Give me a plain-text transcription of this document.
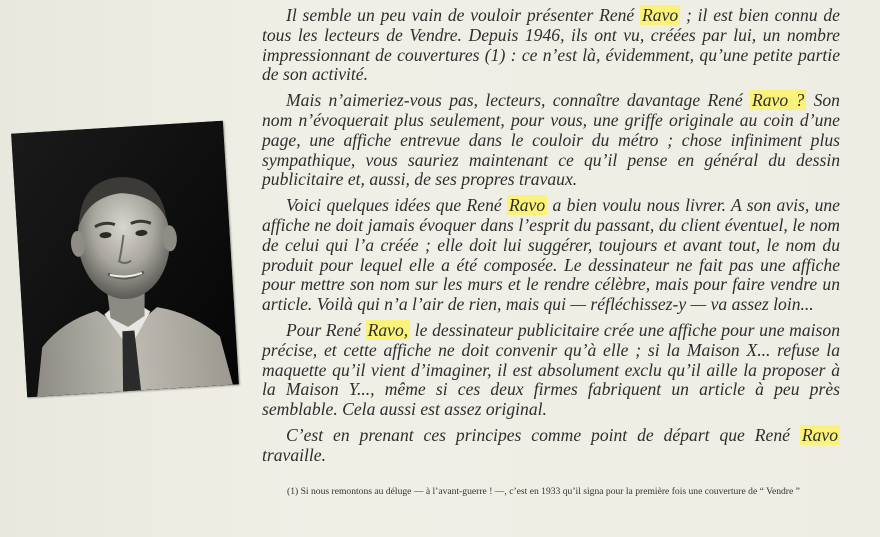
Il semble un peu vain de vouloir présenter René Ravo ; il est bien connu de tous les lecteurs de Vendre. Depuis 1946, ils ont vu, créées par lui, un nombre impressionnant de couvertures (1) : ce n’est là, évidemment, qu’une petite partie de son activité.

Mais n’aimeriez-vous pas, lecteurs, connaître davantage René Ravo ? Son nom n’évoquerait plus seulement, pour vous, une griffe originale au coin d’une page, une affiche entrevue dans le couloir du métro ; chose infiniment plus sympathique, vous sauriez maintenant ce qu’il pense en général du dessin publicitaire et, aussi, de ses propres travaux.

Voici quelques idées que René Ravo a bien voulu nous livrer. A son avis, une affiche ne doit jamais évoquer dans l’esprit du passant, du client éventuel, le nom de celui qui l’a créée ; elle doit lui suggérer, toujours et avant tout, le nom du produit pour lequel elle a été composée. Le dessinateur ne fait pas une affiche pour mettre son nom sur les murs et le rendre célèbre, mais pour faire vendre un article. Voilà qui n’a l’air de rien, mais qui — réfléchissez-y — va assez loin...

Pour René Ravo, le dessinateur publicitaire crée une affiche pour une maison précise, et cette affiche ne doit convenir qu’à elle ; si la Maison X... refuse la maquette qu’il vient d’imaginer, il est absolument exclu qu’il aille la proposer à la Maison Y..., même si ces deux firmes fabriquent un article à peu près semblable. Cela aussi est assez original.

C’est en prenant ces principes comme point de départ que René Ravo travaille.

(1) Si nous remontons au déluge — à l’avant-guerre ! —, c’est en 1933 qu’il signa pour la première fois une couverture de “ Vendre ”
